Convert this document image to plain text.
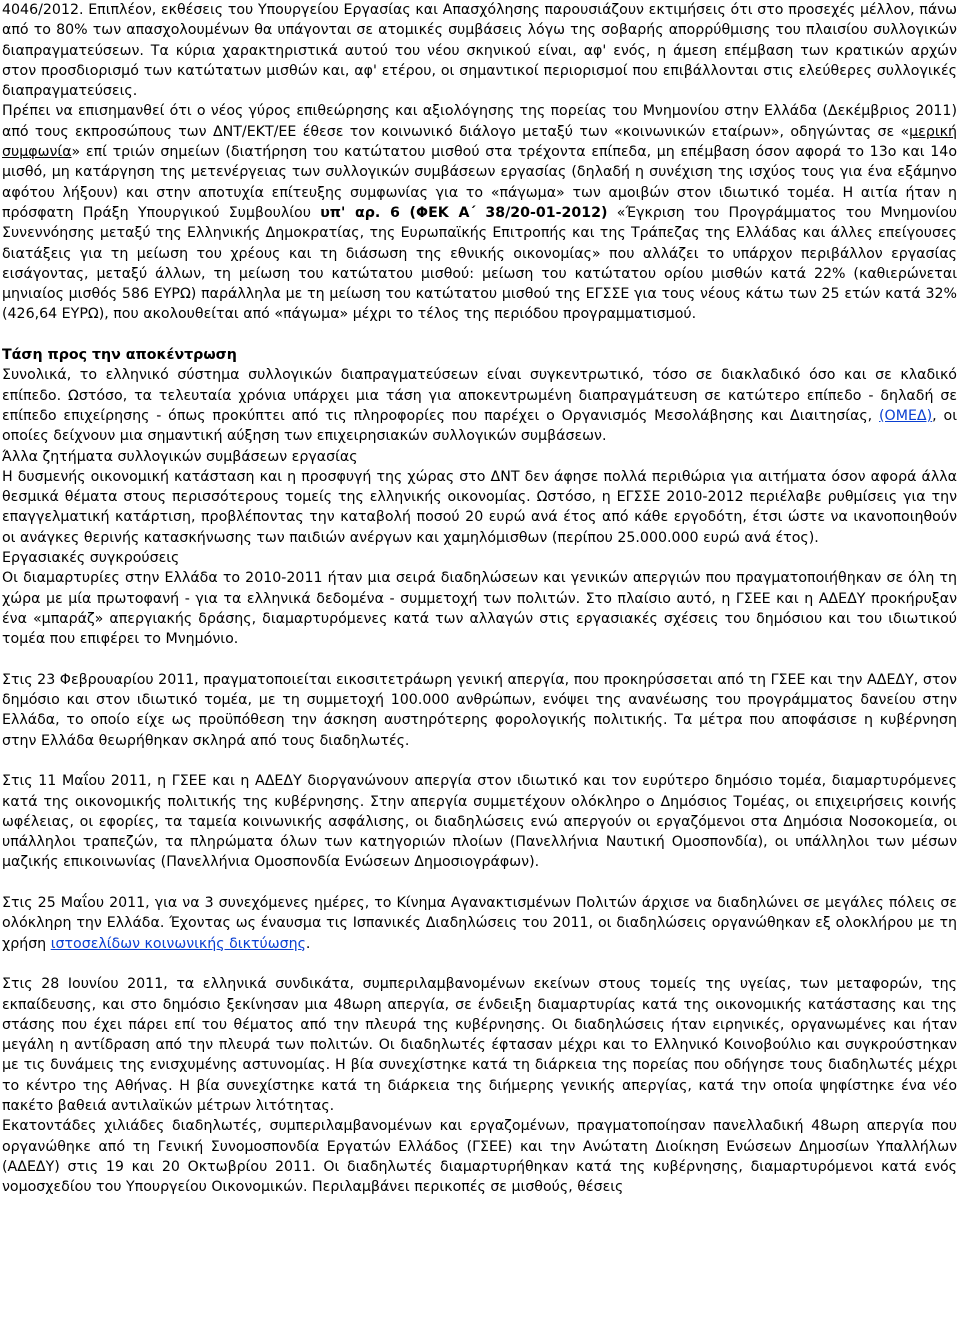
4046/2012. Επιπλέον, εκθέσεις του Υπουργείου Εργασίας και Απασχόλησης παρουσιάζουν εκτιμήσεις ότι στο προσεχές μέλλον, πάνω από το 80% των απασχολουμένων θα υπάγονται σε ατομικές συμβάσεις λόγω της σοβαρής απορρύθμισης του πλαισίου συλλογικών διαπραγματεύσεων. Τα κύρια χαρακτηριστικά αυτού του νέου σκηνικού είναι, αφ' ενός, η άμεση επέμβαση των κρατικών αρχών στον προσδιορισμό των κατώτατων μισθών και, αφ' ετέρου, οι σημαντικοί περιορισμοί που επιβάλλονται στις ελεύθερες συλλογικές διαπραγματεύσεις.

Πρέπει να επισημανθεί ότι ο νέος γύρος επιθεώρησης και αξιολόγησης της πορείας του Μνημονίου στην Ελλάδα (Δεκέμβριος 2011) από τους εκπροσώπους των ΔΝΤ/ΕΚΤ/ΕΕ έθεσε τον κοινωνικό διάλογο μεταξύ των «κοινωνικών εταίρων», οδηγώντας σε «μερική συμφωνία» επί τριών σημείων (διατήρηση του κατώτατου μισθού στα τρέχοντα επίπεδα, μη επέμβαση όσον αφορά το 13ο και 14ο μισθό, μη κατάργηση της μετενέργειας των συλλογικών συμβάσεων εργασίας (δηλαδή η συνέχιση της ισχύος τους για ένα εξάμηνο αφότου λήξουν) και στην αποτυχία επίτευξης συμφωνίας για το «πάγωμα» των αμοιβών στον ιδιωτικό τομέα. Η αιτία ήταν η πρόσφατη Πράξη Υπουργικού Συμβουλίου υπ' αρ. 6 (ΦΕΚ Α΄ 38/20-01-2012) «Έγκριση του Προγράμματος του Μνημονίου Συνεννόησης μεταξύ της Ελληνικής Δημοκρατίας, της Ευρωπαϊκής Επιτροπής και της Τράπεζας της Ελλάδας και άλλες επείγουσες διατάξεις για τη μείωση του χρέους και τη διάσωση της εθνικής οικονομίας» που αλλάζει το υπάρχον περιβάλλον εργασίας εισάγοντας, μεταξύ άλλων, τη μείωση του κατώτατου μισθού: μείωση του κατώτατου ορίου μισθών κατά 22% (καθιερώνεται μηνιαίος μισθός 586 ΕΥΡΩ) παράλληλα με τη μείωση του κατώτατου μισθού της ΕΓΣΣΕ για τους νέους κάτω των 25 ετών κατά 32% (426,64 ΕΥΡΩ), που ακολουθείται από «πάγωμα» μέχρι το τέλος της περιόδου προγραμματισμού.

Τάση προς την αποκέντρωση

Συνολικά, το ελληνικό σύστημα συλλογικών διαπραγματεύσεων είναι συγκεντρωτικό, τόσο σε διακλαδικό όσο και σε κλαδικό επίπεδο. Ωστόσο, τα τελευταία χρόνια υπάρχει μια τάση για αποκεντρωμένη διαπραγμάτευση σε κατώτερο επίπεδο - δηλαδή σε επίπεδο επιχείρησης - όπως προκύπτει από τις πληροφορίες που παρέχει ο Οργανισμός Μεσολάβησης και Διαιτησίας, (ΟΜΕΔ), οι οποίες δείχνουν μια σημαντική αύξηση των επιχειρησιακών συλλογικών συμβάσεων.

Άλλα ζητήματα συλλογικών συμβάσεων εργασίας

Η δυσμενής οικονομική κατάσταση και η προσφυγή της χώρας στο ΔΝΤ δεν άφησε πολλά περιθώρια για αιτήματα όσον αφορά άλλα θεσμικά θέματα στους περισσότερους τομείς της ελληνικής οικονομίας. Ωστόσο, η ΕΓΣΣΕ 2010-2012 περιέλαβε ρυθμίσεις για την επαγγελματική κατάρτιση, προβλέποντας την καταβολή ποσού 20 ευρώ ανά έτος από κάθε εργοδότη, έτσι ώστε να ικανοποιηθούν οι ανάγκες θερινής κατασκήνωσης των παιδιών ανέργων και χαμηλόμισθων (περίπου 25.000.000 ευρώ ανά έτος).

Εργασιακές συγκρούσεις

Οι διαμαρτυρίες στην Ελλάδα το 2010-2011 ήταν μια σειρά διαδηλώσεων και γενικών απεργιών που πραγματοποιήθηκαν σε όλη τη χώρα με μία πρωτοφανή - για τα ελληνικά δεδομένα - συμμετοχή των πολιτών. Στο πλαίσιο αυτό, η ΓΣΕΕ και η ΑΔΕΔΥ προκήρυξαν ένα «μπαράζ» απεργιακής δράσης, διαμαρτυρόμενες κατά των αλλαγών στις εργασιακές σχέσεις του δημόσιου και του ιδιωτικού τομέα που επιφέρει το Μνημόνιο.

Στις 23 Φεβρουαρίου 2011, πραγματοποιείται εικοσιτετράωρη γενική απεργία, που προκηρύσσεται από τη ΓΣΕΕ και την ΑΔΕΔΥ, στον δημόσιο και στον ιδιωτικό τομέα, με τη συμμετοχή 100.000 ανθρώπων, ενόψει της ανανέωσης του προγράμματος δανείου στην Ελλάδα, το οποίο είχε ως προϋπόθεση την άσκηση αυστηρότερης φορολογικής πολιτικής. Τα μέτρα που αποφάσισε η κυβέρνηση στην Ελλάδα θεωρήθηκαν σκληρά από τους διαδηλωτές.

Στις 11 Μαΐου 2011, η ΓΣΕΕ και η ΑΔΕΔΥ διοργανώνουν απεργία στον ιδιωτικό και τον ευρύτερο δημόσιο τομέα, διαμαρτυρόμενες κατά της οικονομικής πολιτικής της κυβέρνησης. Στην απεργία συμμετέχουν ολόκληρο ο Δημόσιος Τομέας, οι επιχειρήσεις κοινής ωφέλειας, οι εφορίες, τα ταμεία κοινωνικής ασφάλισης, οι διαδηλώσεις ενώ απεργούν οι εργαζόμενοι στα Δημόσια Νοσοκομεία, οι υπάλληλοι τραπεζών, τα πληρώματα όλων των κατηγοριών πλοίων (Πανελλήνια Ναυτική Ομοσπονδία), οι υπάλληλοι των μέσων μαζικής επικοινωνίας (Πανελλήνια Ομοσπονδία Ενώσεων Δημοσιογράφων).

Στις 25 Μαΐου 2011, για να 3 συνεχόμενες ημέρες, το Κίνημα Αγανακτισμένων Πολιτών άρχισε να διαδηλώνει σε μεγάλες πόλεις σε ολόκληρη την Ελλάδα. Έχοντας ως έναυσμα τις Ισπανικές Διαδηλώσεις του 2011, οι διαδηλώσεις οργανώθηκαν εξ ολοκλήρου με τη χρήση ιστοσελίδων κοινωνικής δικτύωσης.

Στις 28 Ιουνίου 2011, τα ελληνικά συνδικάτα, συμπεριλαμβανομένων εκείνων στους τομείς της υγείας, των μεταφορών, της εκπαίδευσης, και στο δημόσιο ξεκίνησαν μια 48ωρη απεργία, σε ένδειξη διαμαρτυρίας κατά της οικονομικής κατάστασης και της στάσης που έχει πάρει επί του θέματος από την πλευρά της κυβέρνησης. Οι διαδηλώσεις ήταν ειρηνικές, οργανωμένες και ήταν μεγάλη η αντίδραση από την πλευρά των πολιτών. Οι διαδηλωτές έφτασαν μέχρι και το Ελληνικό Κοινοβούλιο και συγκρούστηκαν με τις δυνάμεις της ενισχυμένης αστυνομίας. Η βία συνεχίστηκε κατά τη διάρκεια της πορείας που οδήγησε τους διαδηλωτές μέχρι το κέντρο της Αθήνας. Η βία συνεχίστηκε κατά τη διάρκεια της διήμερης γενικής απεργίας, κατά την οποία ψηφίστηκε ένα νέο πακέτο βαθειά αντιλαϊκών μέτρων λιτότητας.

Εκατοντάδες χιλιάδες διαδηλωτές, συμπεριλαμβανομένων και εργαζομένων, πραγματοποίησαν πανελλαδική 48ωρη απεργία που οργανώθηκε από τη Γενική Συνομοσπονδία Εργατών Ελλάδος (ΓΣΕΕ) και την Ανώτατη Διοίκηση Ενώσεων Δημοσίων Υπαλλήλων (ΑΔΕΔΥ) στις 19 και 20 Οκτωβρίου 2011. Οι διαδηλωτές διαμαρτυρήθηκαν κατά της κυβέρνησης, διαμαρτυρόμενοι κατά ενός νομοσχεδίου του Υπουργείου Οικονομικών. Περιλαμβάνει περικοπές σε μισθούς, θέσεις
